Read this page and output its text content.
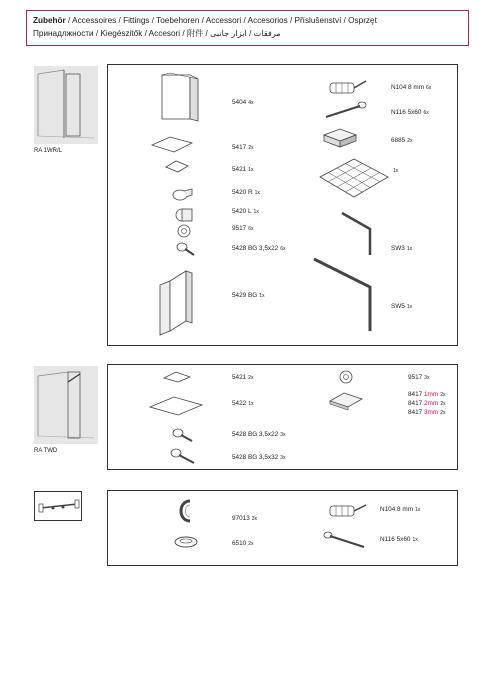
Zubehör / Accessoires / Fittings / Toebehoren / Accessori / Accesorios / Příslušenství / Osprzęt
Принадлжности / Kiegészitők / Accesori / 附件 / مرفقات / ابزار جانبی
RA 1WR/L
5404 4x
5417 2x
5421 1x
5420 R 1x
5420 L 1x
9517 6x
5428 BG 3,5x22 6x
5429 BG 1x
N104 8 mm 6x
N116 5x60 6x
6885 2x
1x
SW3 1x
SW5 1x
RA TWD
5421 2x
5422 1x
5428 BG 3,5x22 3x
5428 BG 3,5x32 3x
9517 3x
8417 1mm 2x
8417 2mm 2x
8417 3mm 2x
97013 3x
6510 2x
N104 8 mm 1x
N116 5x60 1x
